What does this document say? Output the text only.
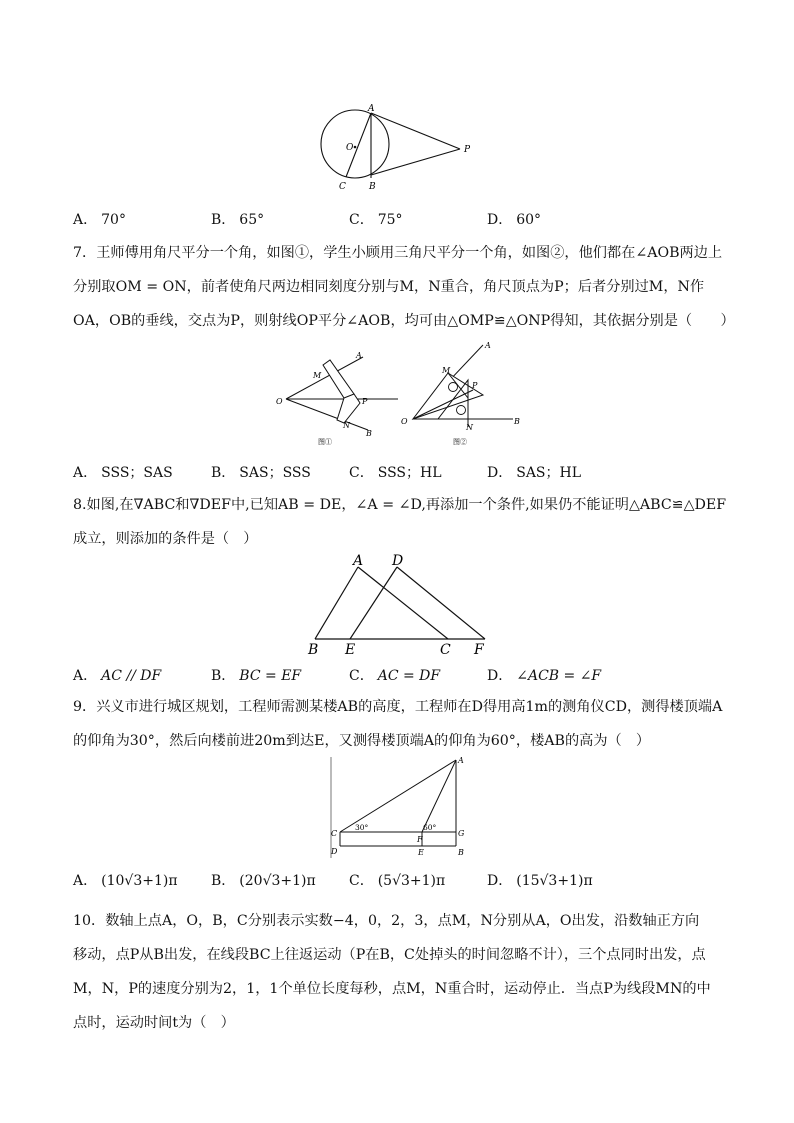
A
O	P
C	B
A． 70°	B． 65°	C． 75°	D． 60°

7．王师傅用角尺平分一个角，如图①，学生小顾用三角尺平分一个角，如图②，他们都在∠AOB两边上

分别取OM = ON，前者使角尺两边相同刻度分别与M，N重合，角尺顶点为P；后者分别过M，N作

OA，OB的垂线，交点为P，则射线OP平分∠AOB，均可由△OMP≌△ONP得知，其依据分别是（　　）

A
M
O	P
N
B
图①
A
M
O
P
N
B
图②
A． SSS；SAS	B． SAS；SSS	C． SSS；HL	D． SAS；HL

8.如图,在∇ABC和∇DEF中,已知AB = DE，∠A = ∠D,再添加一个条件,如果仍不能证明△ABC≌△DEF

成立，则添加的条件是（　）

A D
B E	C F
A． AC // DF	B． BC = EF	C． AC = DF	D． ∠ACB = ∠F

9．兴义市进行城区规划，工程师需测某楼AB的高度，工程师在D得用高1m的测角仪CD，测得楼顶端A

的仰角为30°，然后向楼前进20m到达E，又测得楼顶端A的仰角为60°，楼AB的高为（　）

A
C
D
F
E
G
B
30°	60°
A． (10√3+1)π B． (20√3+1)π C． (5√3+1)π	D． (15√3+1)π

10．数轴上点A，O，B，C分别表示实数−4，0，2，3，点M，N分别从A，O出发，沿数轴正方向

移动，点P从B出发，在线段BC上往返运动（P在B，C处掉头的时间忽略不计），三个点同时出发，点

M，N，P的速度分别为2，1，1个单位长度每秒，点M，N重合时，运动停止．当点P为线段MN的中

点时，运动时间t为（　）
